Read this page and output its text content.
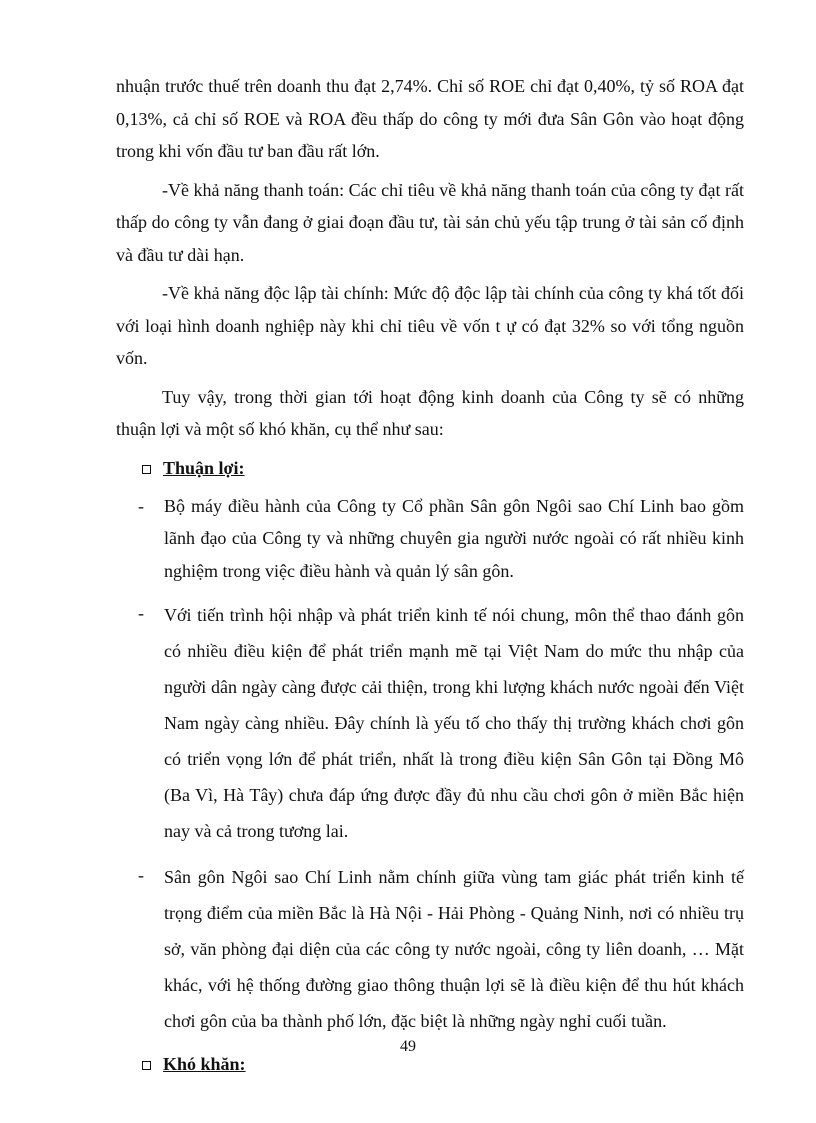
nhuận trước thuế trên doanh thu đạt 2,74%. Chỉ số ROE chỉ đạt 0,40%, tỷ số ROA đạt 0,13%, cả chỉ số ROE và ROA đều thấp do công ty mới đưa Sân Gôn vào hoạt động trong khi vốn đầu tư ban đầu rất lớn.

-Về khả năng thanh toán: Các chỉ tiêu về khả năng thanh toán của công ty đạt rất thấp do công ty vẫn đang ở giai đoạn đầu tư, tài sản chủ yếu tập trung ở tài sản cố định và đầu tư dài hạn.

-Về khả năng độc lập tài chính: Mức độ độc lập tài chính của công ty khá tốt đối với loại hình doanh nghiệp này khi chỉ tiêu về vốn t ự có đạt 32% so với tổng nguồn vốn.

Tuy vậy, trong thời gian tới hoạt động kinh doanh của Công ty sẽ có những thuận lợi và một số khó khăn, cụ thể như sau:

Thuận lợi:
-	Bộ máy điều hành của Công ty Cổ phần Sân gôn Ngôi sao Chí Linh bao gồm lãnh đạo của Công ty và những chuyên gia người nước ngoài có rất nhiều kinh nghiệm trong việc điều hành và quản lý sân gôn.
-	Với tiến trình hội nhập và phát triển kinh tế nói chung, môn thể thao đánh gôn có nhiều điều kiện để phát triển mạnh mẽ tại Việt Nam do mức thu nhập của người dân ngày càng được cải thiện, trong khi lượng khách nước ngoài đến Việt Nam ngày càng nhiều. Đây chính là yếu tố cho thấy thị trường khách chơi gôn có triển vọng lớn để phát triển, nhất là trong điều kiện Sân Gôn tại Đồng Mô (Ba Vì, Hà Tây) chưa đáp ứng được đầy đủ nhu cầu chơi gôn ở miền Bắc hiện nay và cả trong tương lai.
-	Sân gôn Ngôi sao Chí Linh nằm chính giữa vùng tam giác phát triển kinh tế trọng điểm của miền Bắc là Hà Nội - Hải Phòng - Quảng Ninh, nơi có nhiều trụ sở, văn phòng đại diện của các công ty nước ngoài, công ty liên doanh, … Mặt khác, với hệ thống đường giao thông thuận lợi sẽ là điều kiện để thu hút khách chơi gôn của ba thành phố lớn, đặc biệt là những ngày nghỉ cuối tuần.
Khó khăn:
49
